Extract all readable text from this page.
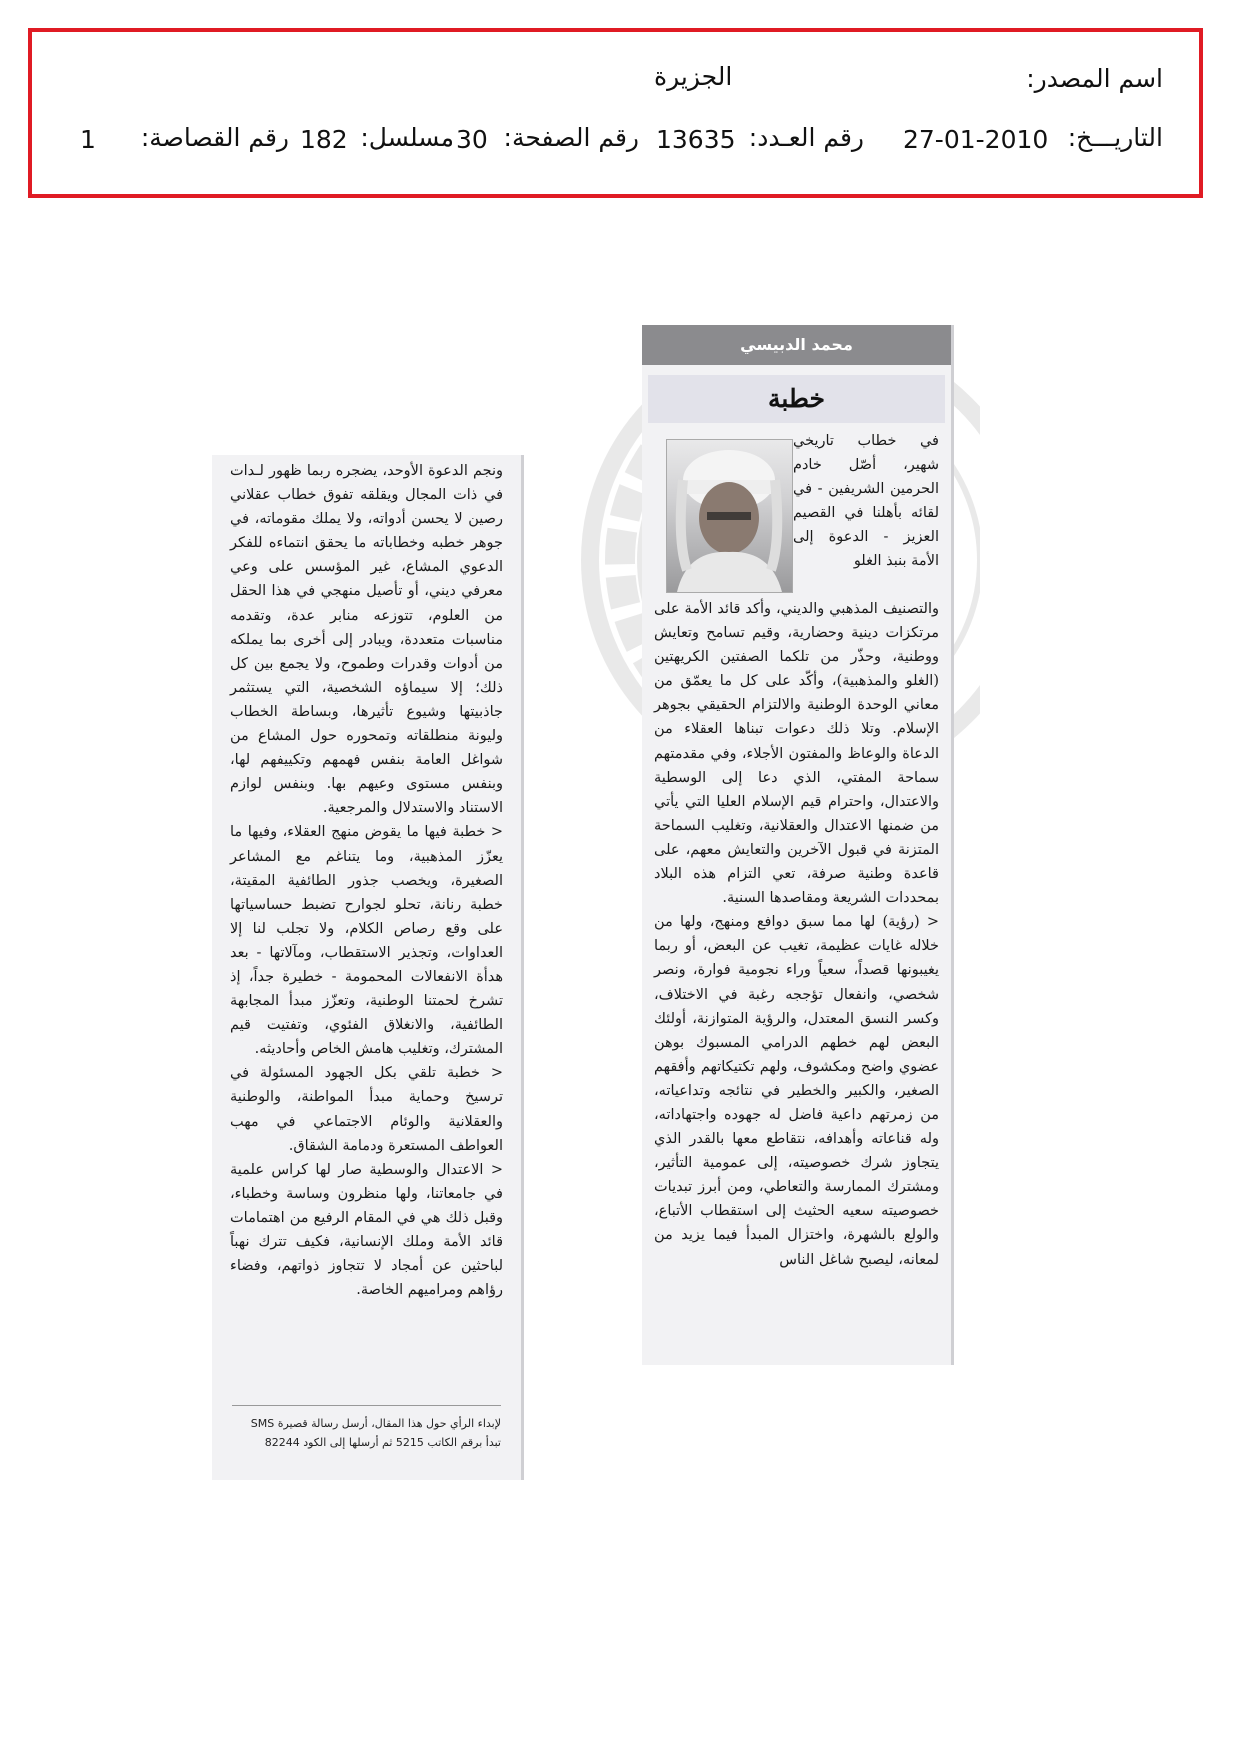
اسم المصدر:
الجزيرة
التاريـــخ:
27-01-2010
رقم العـدد:
13635
رقم الصفحة:
30
مسلسل:
182
رقم القصاصة:
1
محمد الدبيسي
خطبة

في خطاب تاريخي شهير، أصّل خادم الحرمين الشريفين - في لقائه بأهلنا في القصيم العزيز - الدعوة إلى الأمة بنبذ الغلو

والتصنيف المذهبي والديني، وأكد قائد الأمة على مرتكزات دينية وحضارية، وقيم تسامح وتعايش ووطنية، وحذّر من تلكما الصفتين الكريهتين (الغلو والمذهبية)، وأكّد على كل ما يعمّق من معاني الوحدة الوطنية والالتزام الحقيقي بجوهر الإسلام. وتلا ذلك دعوات تبناها العقلاء من الدعاة والوعاظ والمفتون الأجلاء، وفي مقدمتهم سماحة المفتي، الذي دعا إلى الوسطية والاعتدال، واحترام قيم الإسلام العليا التي يأتي من ضمنها الاعتدال والعقلانية، وتغليب السماحة المتزنة في قبول الآخرين والتعايش معهم، على قاعدة وطنية صرفة، تعي التزام هذه البلاد بمحددات الشريعة ومقاصدها السنية.

< (رؤية) لها مما سبق دوافع ومنهج، ولها من خلاله غايات عظيمة، تغيب عن البعض، أو ربما يغيبونها قصداً، سعياً وراء نجومية فوارة، ونصر شخصي، وانفعال تؤججه رغبة في الاختلاف، وكسر النسق المعتدل، والرؤية المتوازنة، أولئك البعض لهم خطهم الدرامي المسبوك بوهن عضوي واضح ومكشوف، ولهم تكتيكاتهم وأفقهم الصغير، والكبير والخطير في نتائجه وتداعياته، من زمرتهم داعية فاضل له جهوده واجتهاداته، وله قناعاته وأهدافه، نتقاطع معها بالقدر الذي يتجاوز شرك خصوصيته، إلى عمومية التأثير، ومشترك الممارسة والتعاطي، ومن أبرز تبديات خصوصيته سعيه الحثيث إلى استقطاب الأتباع، والولع بالشهرة، واختزال المبدأ فيما يزيد من لمعانه، ليصبح شاغل الناس

ونجم الدعوة الأوحد، يضجره ربما ظهور لـدات في ذات المجال ويقلقه تفوق خطاب عقلاني رصين لا يحسن أدواته، ولا يملك مقوماته، في جوهر خطبه وخطاباته ما يحقق انتماءه للفكر الدعوي المشاع، غير المؤسس على وعي معرفي ديني، أو تأصيل منهجي في هذا الحقل من العلوم، تتوزعه منابر عدة، وتقدمه مناسبات متعددة، ويبادر إلى أخرى بما يملكه من أدوات وقدرات وطموح، ولا يجمع بين كل ذلك؛ إلا سيماؤه الشخصية، التي يستثمر جاذبيتها وشيوع تأثيرها، وبساطة الخطاب وليونة منطلقاته وتمحوره حول المشاع من شواغل العامة بنفس فهمهم وتكييفهم لها، وبنفس مستوى وعيهم بها. وبنفس لوازم الاستناد والاستدلال والمرجعية.

< خطبة فيها ما يقوض منهج العقلاء، وفيها ما يعزّز المذهبية، وما يتناغم مع المشاعر الصغيرة، ويخصب جذور الطائفية المقيتة، خطبة رنانة، تحلو لجوارح تضبط حساسياتها على وقع رصاص الكلام، ولا تجلب لنا إلا العداوات، وتجذير الاستقطاب، ومآلاتها - بعد هدأة الانفعالات المحمومة - خطيرة جداً، إذ تشرخ لحمتنا الوطنية، وتعزّز مبدأ المجابهة الطائفية، والانغلاق الفئوي، وتفتيت قيم المشترك، وتغليب هامش الخاص وأحاديثه.

< خطبة تلقي بكل الجهود المسئولة في ترسيخ وحماية مبدأ المواطنة، والوطنية والعقلانية والوئام الاجتماعي في مهب العواطف المستعرة ودمامة الشقاق.

< الاعتدال والوسطية صار لها كراس علمية في جامعاتنا، ولها منظرون وساسة وخطباء، وقبل ذلك هي في المقام الرفيع من اهتمامات قائد الأمة وملك الإنسانية، فكيف تترك نهباً لباحثين عن أمجاد لا تتجاوز ذواتهم، وفضاء رؤاهم ومراميهم الخاصة.

لإبداء الرأي حول هذا المقال، أرسل رسالة قصيرة SMS
تبدأ برقم الكاتب 5215 ثم أرسلها إلى الكود 82244
